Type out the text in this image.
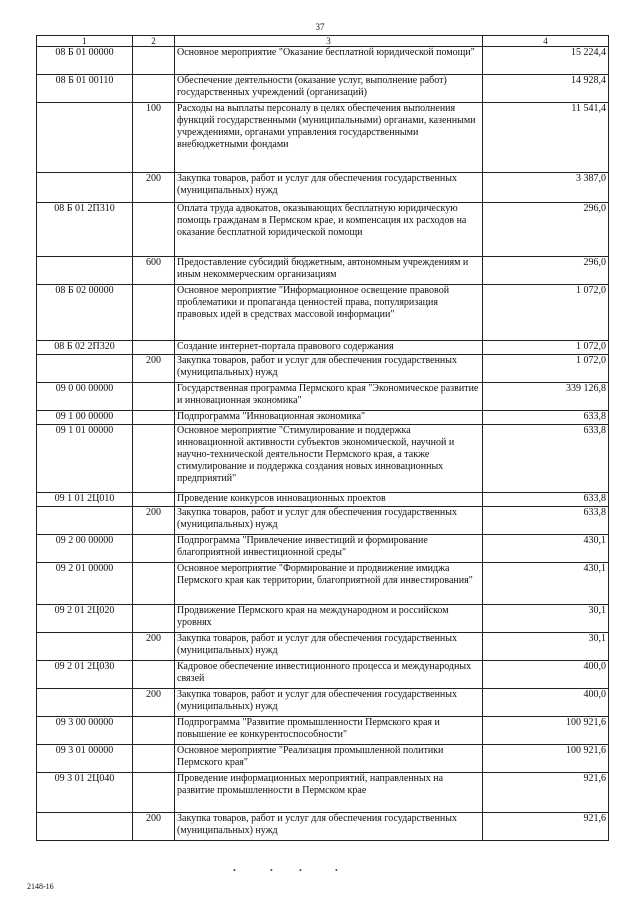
37
1	2	3	4
08 Б 01 00000		Основное мероприятие "Оказание бесплатной юридической помощи"	15 224,4
08 Б 01 00110		Обеспечение деятельности (оказание услуг, выполнение работ) государственных учреждений (организаций)	14 928,4
	100	Расходы на выплаты персоналу в целях обеспечения выполнения функций государственными (муниципальными) органами, казенными учреждениями, органами управления государственными внебюджетными фондами	11 541,4
	200	Закупка товаров, работ и услуг для обеспечения государственных (муниципальных) нужд	3 387,0
08 Б 01 2П310		Оплата труда адвокатов, оказывающих бесплатную юридическую помощь гражданам в Пермском крае, и компенсация их расходов на оказание бесплатной юридической помощи	296,0
	600	Предоставление субсидий бюджетным, автономным учреждениям и иным некоммерческим организациям	296,0
08 Б 02 00000		Основное мероприятие "Информационное освещение правовой проблематики и пропаганда ценностей права, популяризация правовых идей в средствах массовой информации"	1 072,0
08 Б 02 2П320		Создание интернет-портала правового содержания	1 072,0
	200	Закупка товаров, работ и услуг для обеспечения государственных (муниципальных) нужд	1 072,0
09 0 00 00000		Государственная программа Пермского края "Экономическое развитие и инновационная экономика"	339 126,8
09 1 00 00000		Подпрограмма "Инновационная экономика"	633,8
09 1 01 00000		Основное мероприятие "Стимулирование и поддержка инновационной активности субъектов экономической, научной и научно-технической деятельности Пермского края, а также стимулирование и поддержка создания новых инновационных предприятий"	633,8
09 1 01 2Ц010		Проведение конкурсов инновационных проектов	633,8
	200	Закупка товаров, работ и услуг для обеспечения государственных (муниципальных) нужд	633,8
09 2 00 00000		Подпрограмма "Привлечение инвестиций и формирование благоприятной инвестиционной среды"	430,1
09 2 01 00000		Основное мероприятие "Формирование и продвижение имиджа Пермского края как территории, благоприятной для инвестирования"	430,1
09 2 01 2Ц020		Продвижение Пермского края на международном и российском уровнях	30,1
	200	Закупка товаров, работ и услуг для обеспечения государственных (муниципальных) нужд	30,1
09 2 01 2Ц030		Кадровое обеспечение инвестиционного процесса и международных связей	400,0
	200	Закупка товаров, работ и услуг для обеспечения государственных (муниципальных) нужд	400,0
09 3 00 00000		Подпрограмма "Развитие промышленности Пермского края и повышение ее конкурентоспособности"	100 921,6
09 3 01 00000		Основное мероприятие "Реализация промышленной политики Пермского края"	100 921,6
09 3 01 2Ц040		Проведение информационных мероприятий, направленных на развитие промышленности в Пермском крае	921,6
	200	Закупка товаров, работ и услуг для обеспечения государственных (муниципальных) нужд	921,6
•	•	•	•
2148-16
